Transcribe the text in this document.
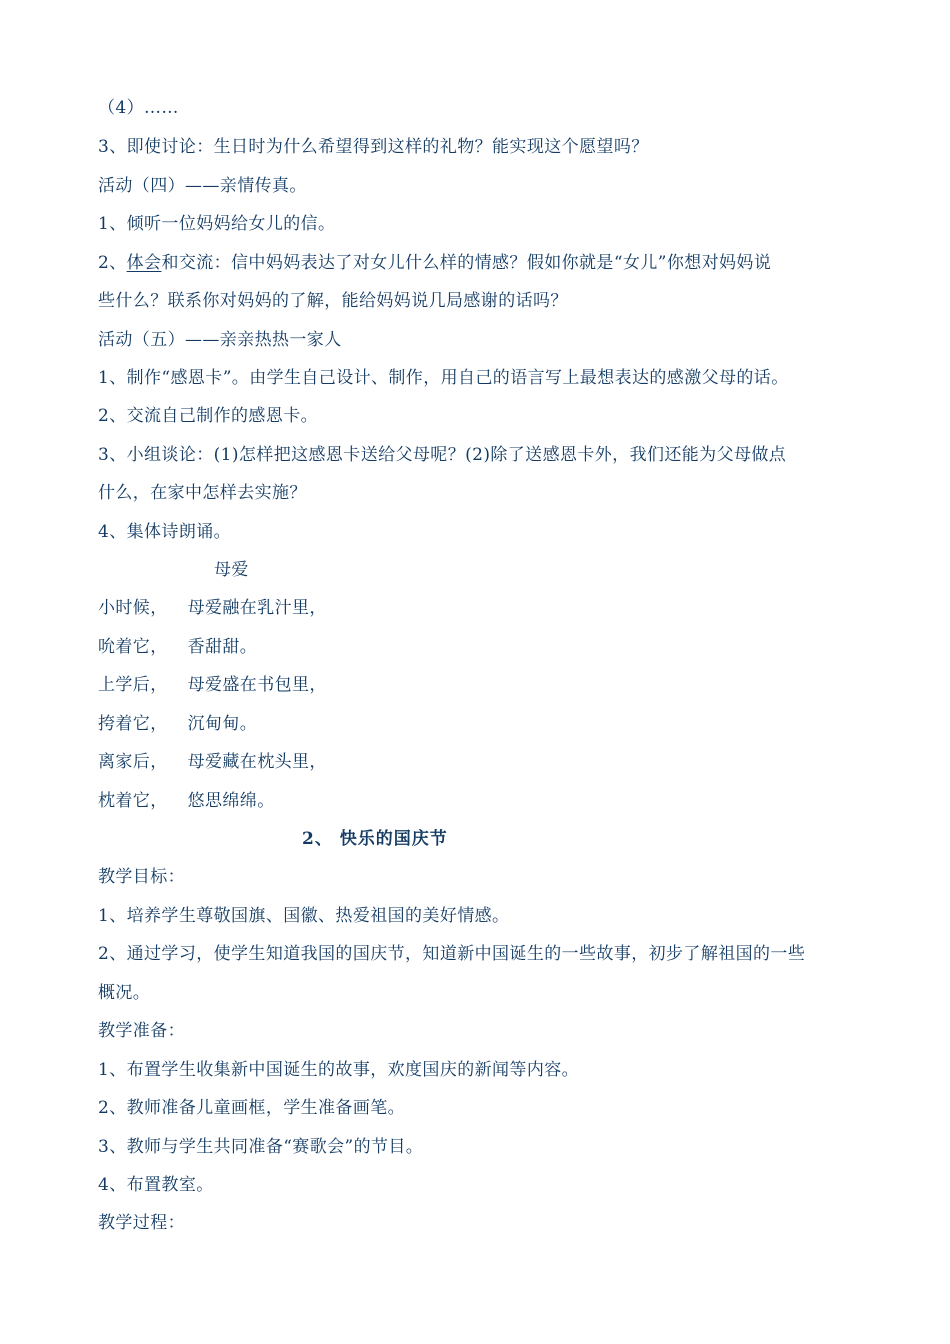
（4）……
3、即使讨论：生日时为什么希望得到这样的礼物？能实现这个愿望吗？
活动（四）——亲情传真。
1、倾听一位妈妈给女儿的信。
2、体会和交流：信中妈妈表达了对女儿什么样的情感？假如你就是“女儿”你想对妈妈说
些什么？联系你对妈妈的了解，能给妈妈说几局感谢的话吗？
活动（五）——亲亲热热一家人
1、制作“感恩卡”。由学生自己设计、制作，用自己的语言写上最想表达的感激父母的话。
2、交流自己制作的感恩卡。
3、小组谈论：(1)怎样把这感恩卡送给父母呢？(2)除了送感恩卡外，我们还能为父母做点
什么，在家中怎样去实施？
4、集体诗朗诵。
母爱
小时候， 母爱融在乳汁里，
吮着它， 香甜甜。
上学后， 母爱盛在书包里，
挎着它， 沉甸甸。
离家后， 母爱藏在枕头里，
枕着它， 悠思绵绵。
2、 快乐的国庆节
教学目标：
1、培养学生尊敬国旗、国徽、热爱祖国的美好情感。
2、通过学习，使学生知道我国的国庆节，知道新中国诞生的一些故事，初步了解祖国的一些
概况。
教学准备：
1、布置学生收集新中国诞生的故事，欢度国庆的新闻等内容。
2、教师准备儿童画框，学生准备画笔。
3、教师与学生共同准备“赛歌会”的节目。
4、布置教室。
教学过程：
